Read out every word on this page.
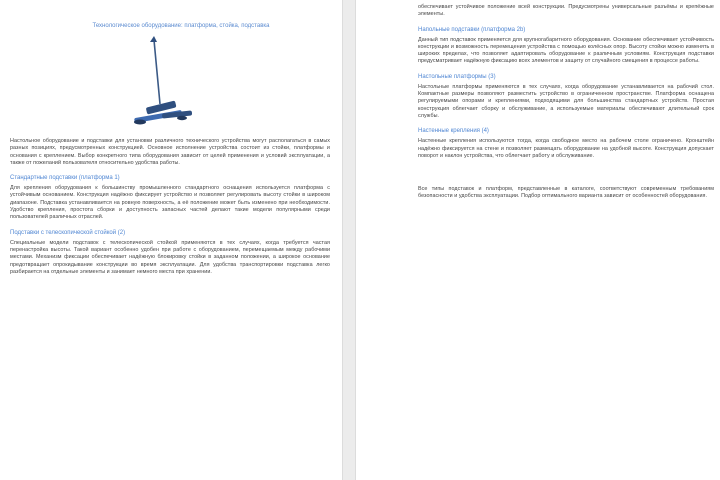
Технологическое оборудование: платформа, стойка, подставка

Настольное оборудование и подставки для установки различного технического устройства могут располагаться в самых разных позициях, предусмотренных конструкцией. Основное исполнение устройства состоит из стойки, платформы и основания с креплением. Выбор конкретного типа оборудования зависит от целей применения и условий эксплуатации, а также от пожеланий пользователя относительно удобства работы.

Стандартные подставки (платформа 1)

Для крепления оборудования к большинству промышленного стандартного оснащения используется платформа с устойчивым основанием. Конструкция надёжно фиксирует устройство и позволяет регулировать высоту стойки в широком диапазоне. Подставка устанавливается на ровную поверхность, а её положение может быть изменено при необходимости. Удобство крепления, простота сборки и доступность запасных частей делают такие модели популярными среди пользователей различных отраслей.

Подставки с телескопической стойкой (2)

Специальные модели подставок с телескопической стойкой применяются в тех случаях, когда требуется частая перенастройка высоты. Такой вариант особенно удобен при работе с оборудованием, перемещаемым между рабочими местами. Механизм фиксации обеспечивает надёжную блокировку стойки в заданном положении, а широкое основание предотвращает опрокидывание конструкции во время эксплуатации. Для удобства транспортировки подставка легко разбирается на отдельные элементы и занимает немного места при хранении.

обеспечивает устойчивое положение всей конструкции. Предусмотрены универсальные разъёмы и крепёжные элементы.

Напольные подставки (платформа 2b)

Данный тип подставок применяется для крупногабаритного оборудования. Основание обеспечивает устойчивость конструкции и возможность перемещения устройства с помощью колёсных опор. Высоту стойки можно изменять в широких пределах, что позволяет адаптировать оборудование к различным условиям. Конструкция подставки предусматривает надёжную фиксацию всех элементов и защиту от случайного смещения в процессе работы.

Настольные платформы (3)

Настольные платформы применяются в тех случаях, когда оборудование устанавливается на рабочий стол. Компактные размеры позволяют разместить устройство в ограниченном пространстве. Платформа оснащена регулируемыми опорами и креплениями, подходящими для большинства стандартных устройств. Простая конструкция облегчает сборку и обслуживание, а используемые материалы обеспечивают длительный срок службы.

Настенные крепления (4)

Настенные крепления используются тогда, когда свободное место на рабочем столе ограничено. Кронштейн надёжно фиксируется на стене и позволяет размещать оборудование на удобной высоте. Конструкция допускает поворот и наклон устройства, что облегчает работу и обслуживание.

Все типы подставок и платформ, представленные в каталоге, соответствуют современным требованиям безопасности и удобства эксплуатации. Подбор оптимального варианта зависит от особенностей оборудования.
